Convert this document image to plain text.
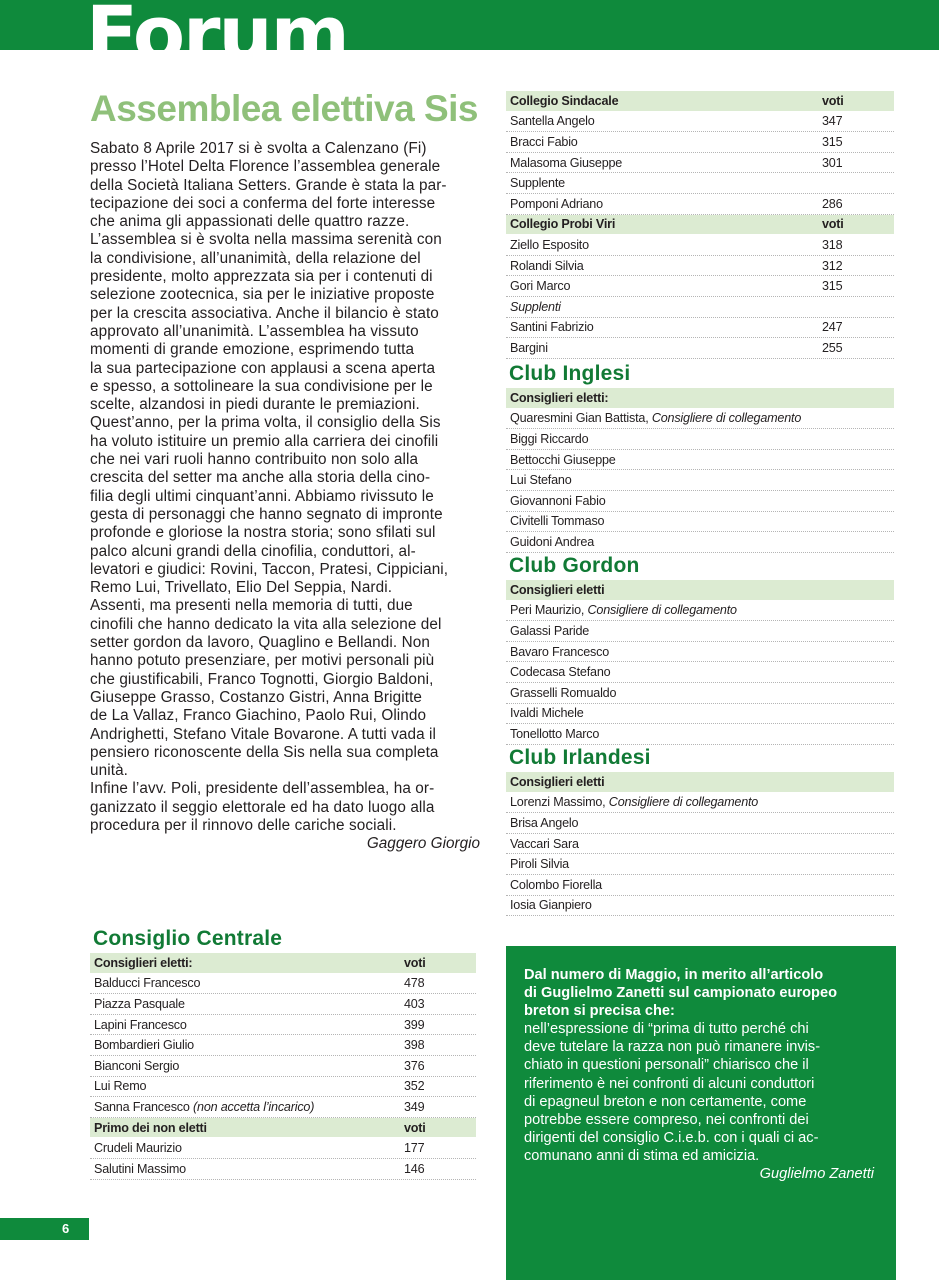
Forum
Assemblea elettiva Sis
Sabato 8 Aprile 2017 si è svolta a Calenzano (Fi)
presso l’Hotel Delta Florence l’assemblea generale
della Società Italiana Setters. Grande è stata la par-
tecipazione dei soci a conferma del forte interesse
che anima gli appassionati delle quattro razze.
L’assemblea si è svolta nella massima serenità con
la condivisione, all’unanimità, della relazione del
presidente, molto apprezzata sia per i contenuti di
selezione zootecnica, sia per le iniziative proposte
per la crescita associativa. Anche il bilancio è stato
approvato all’unanimità. L’assemblea ha vissuto
momenti di grande emozione, esprimendo tutta
la sua partecipazione con applausi a scena aperta
e spesso, a sottolineare la sua condivisione per le
scelte, alzandosi in piedi durante le premiazioni.
Quest’anno, per la prima volta, il consiglio della Sis
ha voluto istituire un premio alla carriera dei cinofili
che nei vari ruoli hanno contribuito non solo alla
crescita del setter ma anche alla storia della cino-
filia degli ultimi cinquant’anni. Abbiamo rivissuto le
gesta di personaggi che hanno segnato di impronte
profonde e gloriose la nostra storia; sono sfilati sul
palco alcuni grandi della cinofilia, conduttori, al-
levatori e giudici: Rovini, Taccon, Pratesi, Cippiciani,
Remo Lui, Trivellato, Elio Del Seppia, Nardi.
Assenti, ma presenti nella memoria di tutti, due
cinofili che hanno dedicato la vita alla selezione del
setter gordon da lavoro, Quaglino e Bellandi. Non
hanno potuto presenziare, per motivi personali più
che giustificabili, Franco Tognotti, Giorgio Baldoni,
Giuseppe Grasso, Costanzo Gistri, Anna Brigitte
de La Vallaz, Franco Giachino, Paolo Rui, Olindo
Andrighetti, Stefano Vitale Bovarone. A tutti vada il
pensiero riconoscente della Sis nella sua completa
unità.
Infine l’avv. Poli, presidente dell’assemblea, ha or-
ganizzato il seggio elettorale ed ha dato luogo alla
procedura per il rinnovo delle cariche sociali.
Gaggero Giorgio
Consiglio Centrale
Consiglieri eletti:	voti
Balducci Francesco	478
Piazza Pasquale	403
Lapini Francesco	399
Bombardieri Giulio	398
Bianconi Sergio	376
Lui Remo	352
Sanna Francesco (non accetta l’incarico)	349
Primo dei non eletti	voti
Crudeli Maurizio	177
Salutini Massimo	146
Collegio Sindacale	voti
Santella Angelo	347
Bracci Fabio	315
Malasoma Giuseppe	301
Supplente
Pomponi Adriano	286
Collegio Probi Viri	voti
Ziello Esposito	318
Rolandi Silvia	312
Gori Marco	315
Supplenti
Santini Fabrizio	247
Bargini	255
Club Inglesi
Consiglieri eletti:
Quaresmini Gian Battista, Consigliere di collegamento
Biggi Riccardo
Bettocchi Giuseppe
Lui Stefano
Giovannoni Fabio
Civitelli Tommaso
Guidoni Andrea
Club Gordon
Consiglieri eletti
Peri Maurizio, Consigliere di collegamento
Galassi Paride
Bavaro Francesco
Codecasa Stefano
Grasselli Romualdo
Ivaldi Michele
Tonellotto Marco
Club Irlandesi
Consiglieri eletti
Lorenzi Massimo, Consigliere di collegamento
Brisa Angelo
Vaccari Sara
Piroli Silvia
Colombo Fiorella
Iosia Gianpiero
Dal numero di Maggio, in merito all’articolo
di Guglielmo Zanetti sul campionato europeo
breton si precisa che:
nell’espressione di “prima di tutto perché chi
deve tutelare la razza non può rimanere invis-
chiato in questioni personali” chiarisco che il
riferimento è nei confronti di alcuni conduttori
di epagneul breton e non certamente, come
potrebbe essere compreso, nei confronti dei
dirigenti del consiglio C.i.e.b. con i quali ci ac-
comunano anni di stima ed amicizia.
Guglielmo Zanetti
6
